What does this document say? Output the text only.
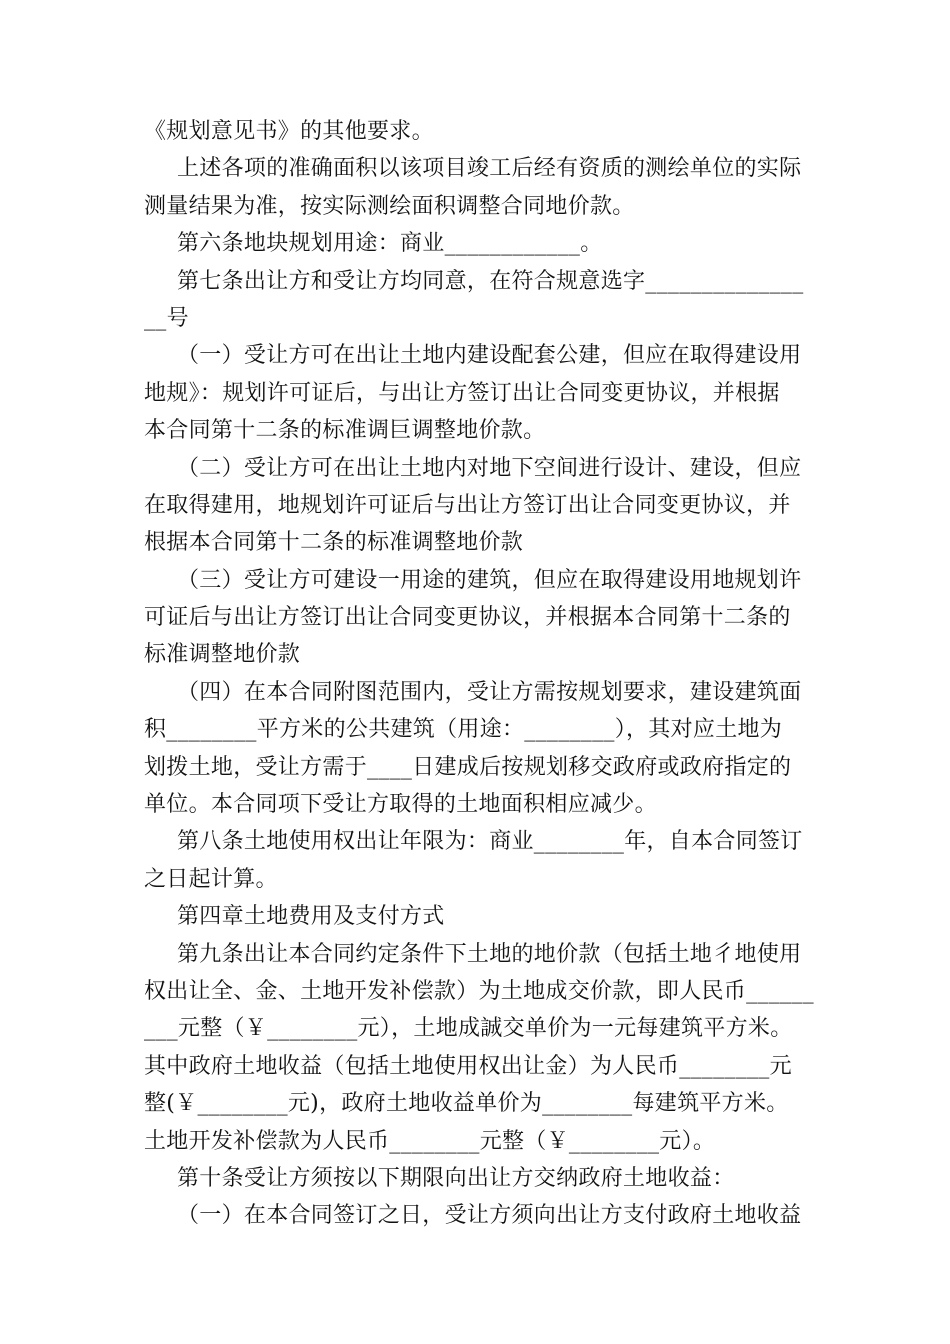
《规划意见书》的其他要求。
上述各项的准确面积以该项目竣工后经有资质的测绘单位的实际
测量结果为准，按实际测绘面积调整合同地价款。
第六条地块规划用途：商业____________。
第七条出让方和受让方均同意，在符合规意选字______________
__号
（一）受让方可在出让土地内建设配套公建，但应在取得建设用
地规》：规划许可证后，与出让方签订出让合同变更协议，并根据
本合同第十二条的标准调巨调整地价款。
（二）受让方可在出让土地内对地下空间进行设计、建设，但应
在取得建用，地规划许可证后与出让方签订出让合同变更协议，并
根据本合同第十二条的标准调整地价款
（三）受让方可建设一用途的建筑，但应在取得建设用地规划许
可证后与出让方签订出让合同变更协议，并根据本合同第十二条的
标准调整地价款
（四）在本合同附图范围内，受让方需按规划要求，建设建筑面
积________平方米的公共建筑（用途：________），其对应土地为
划拨土地，受让方需于____日建成后按规划移交政府或政府指定的
单位。本合同项下受让方取得的土地面积相应减少。
第八条土地使用权出让年限为：商业________年，自本合同签订
之日起计算。
第四章土地费用及支付方式
第九条出让本合同约定条件下土地的地价款（包括土地彳地使用
权出让全、金、土地开发补偿款）为土地成交价款，即人民币______
___元整（￥________元），土地成誠交单价为一元每建筑平方米。
其中政府土地收益（包括土地使用权出让金）为人民币________元
整(￥________元)，政府土地收益单价为________每建筑平方米。
土地开发补偿款为人民币________元整（￥________元）。
第十条受让方须按以下期限向出让方交纳政府土地收益：
（一）在本合同签订之日，受让方须向出让方支付政府土地收益
